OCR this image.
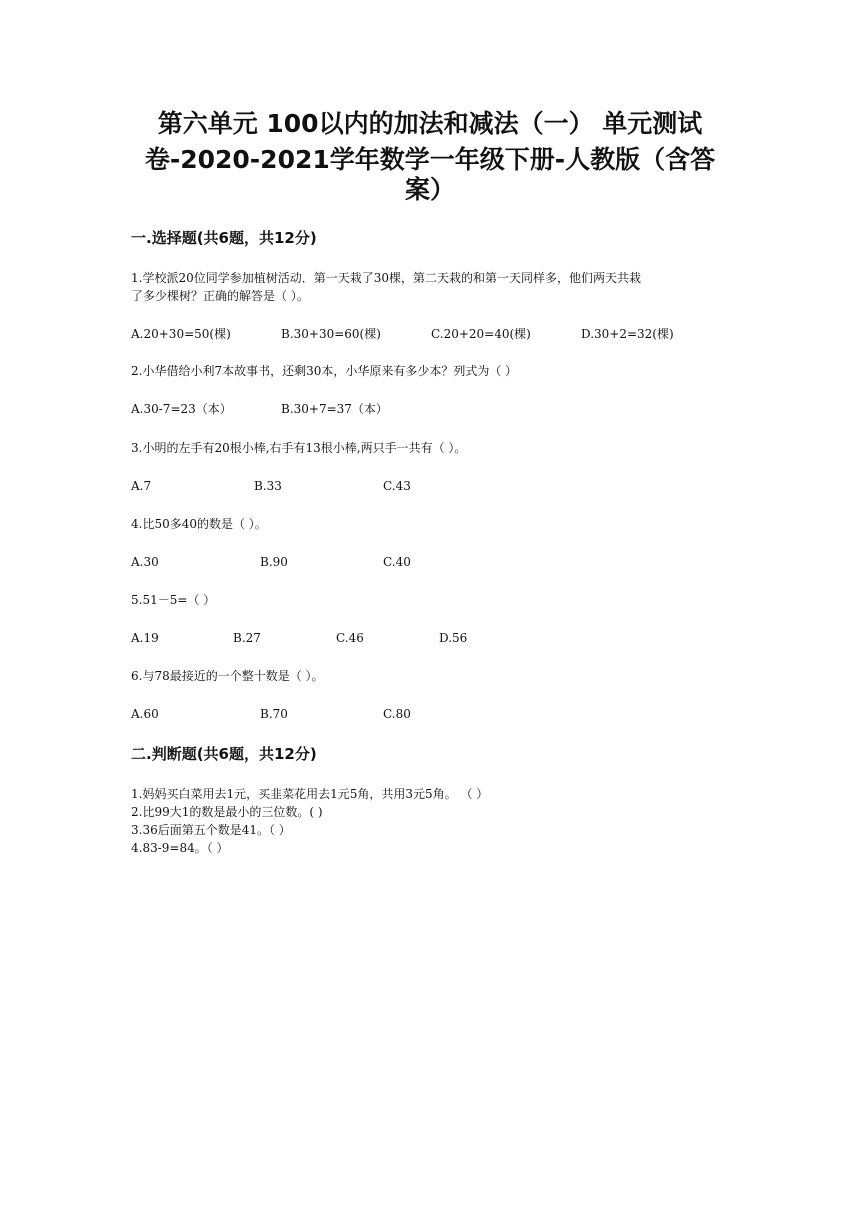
第六单元 100以内的加法和减法（一） 单元测试
卷-2020-2021学年数学一年级下册-人教版（含答
案）
一.选择题(共6题，共12分)
1.学校派20位同学参加植树活动．第一天栽了30棵，第二天栽的和第一天同样多，他们两天共栽
了多少棵树？正确的解答是（ ）。
A.20+30=50(棵)	B.30+30=60(棵)	C.20+20=40(棵)	D.30+2=32(棵)
2.小华借给小利7本故事书，还剩30本，小华原来有多少本？列式为（ ）
A.30-7=23（本）	B.30+7=37（本）
3.小明的左手有20根小棒,右手有13根小棒,两只手一共有（ ）。
A.7	B.33	C.43
4.比50多40的数是（ ）。
A.30	B.90	C.40
5.51－5=（ ）
A.19	B.27	C.46	D.56
6.与78最接近的一个整十数是（ ）。
A.60	B.70	C.80
二.判断题(共6题，共12分)
1.妈妈买白菜用去1元，买韭菜花用去1元5角，共用3元5角。 （ ）
2.比99大1的数是最小的三位数。( )
3.36后面第五个数是41。（ ）
4.83-9=84。（ ）
